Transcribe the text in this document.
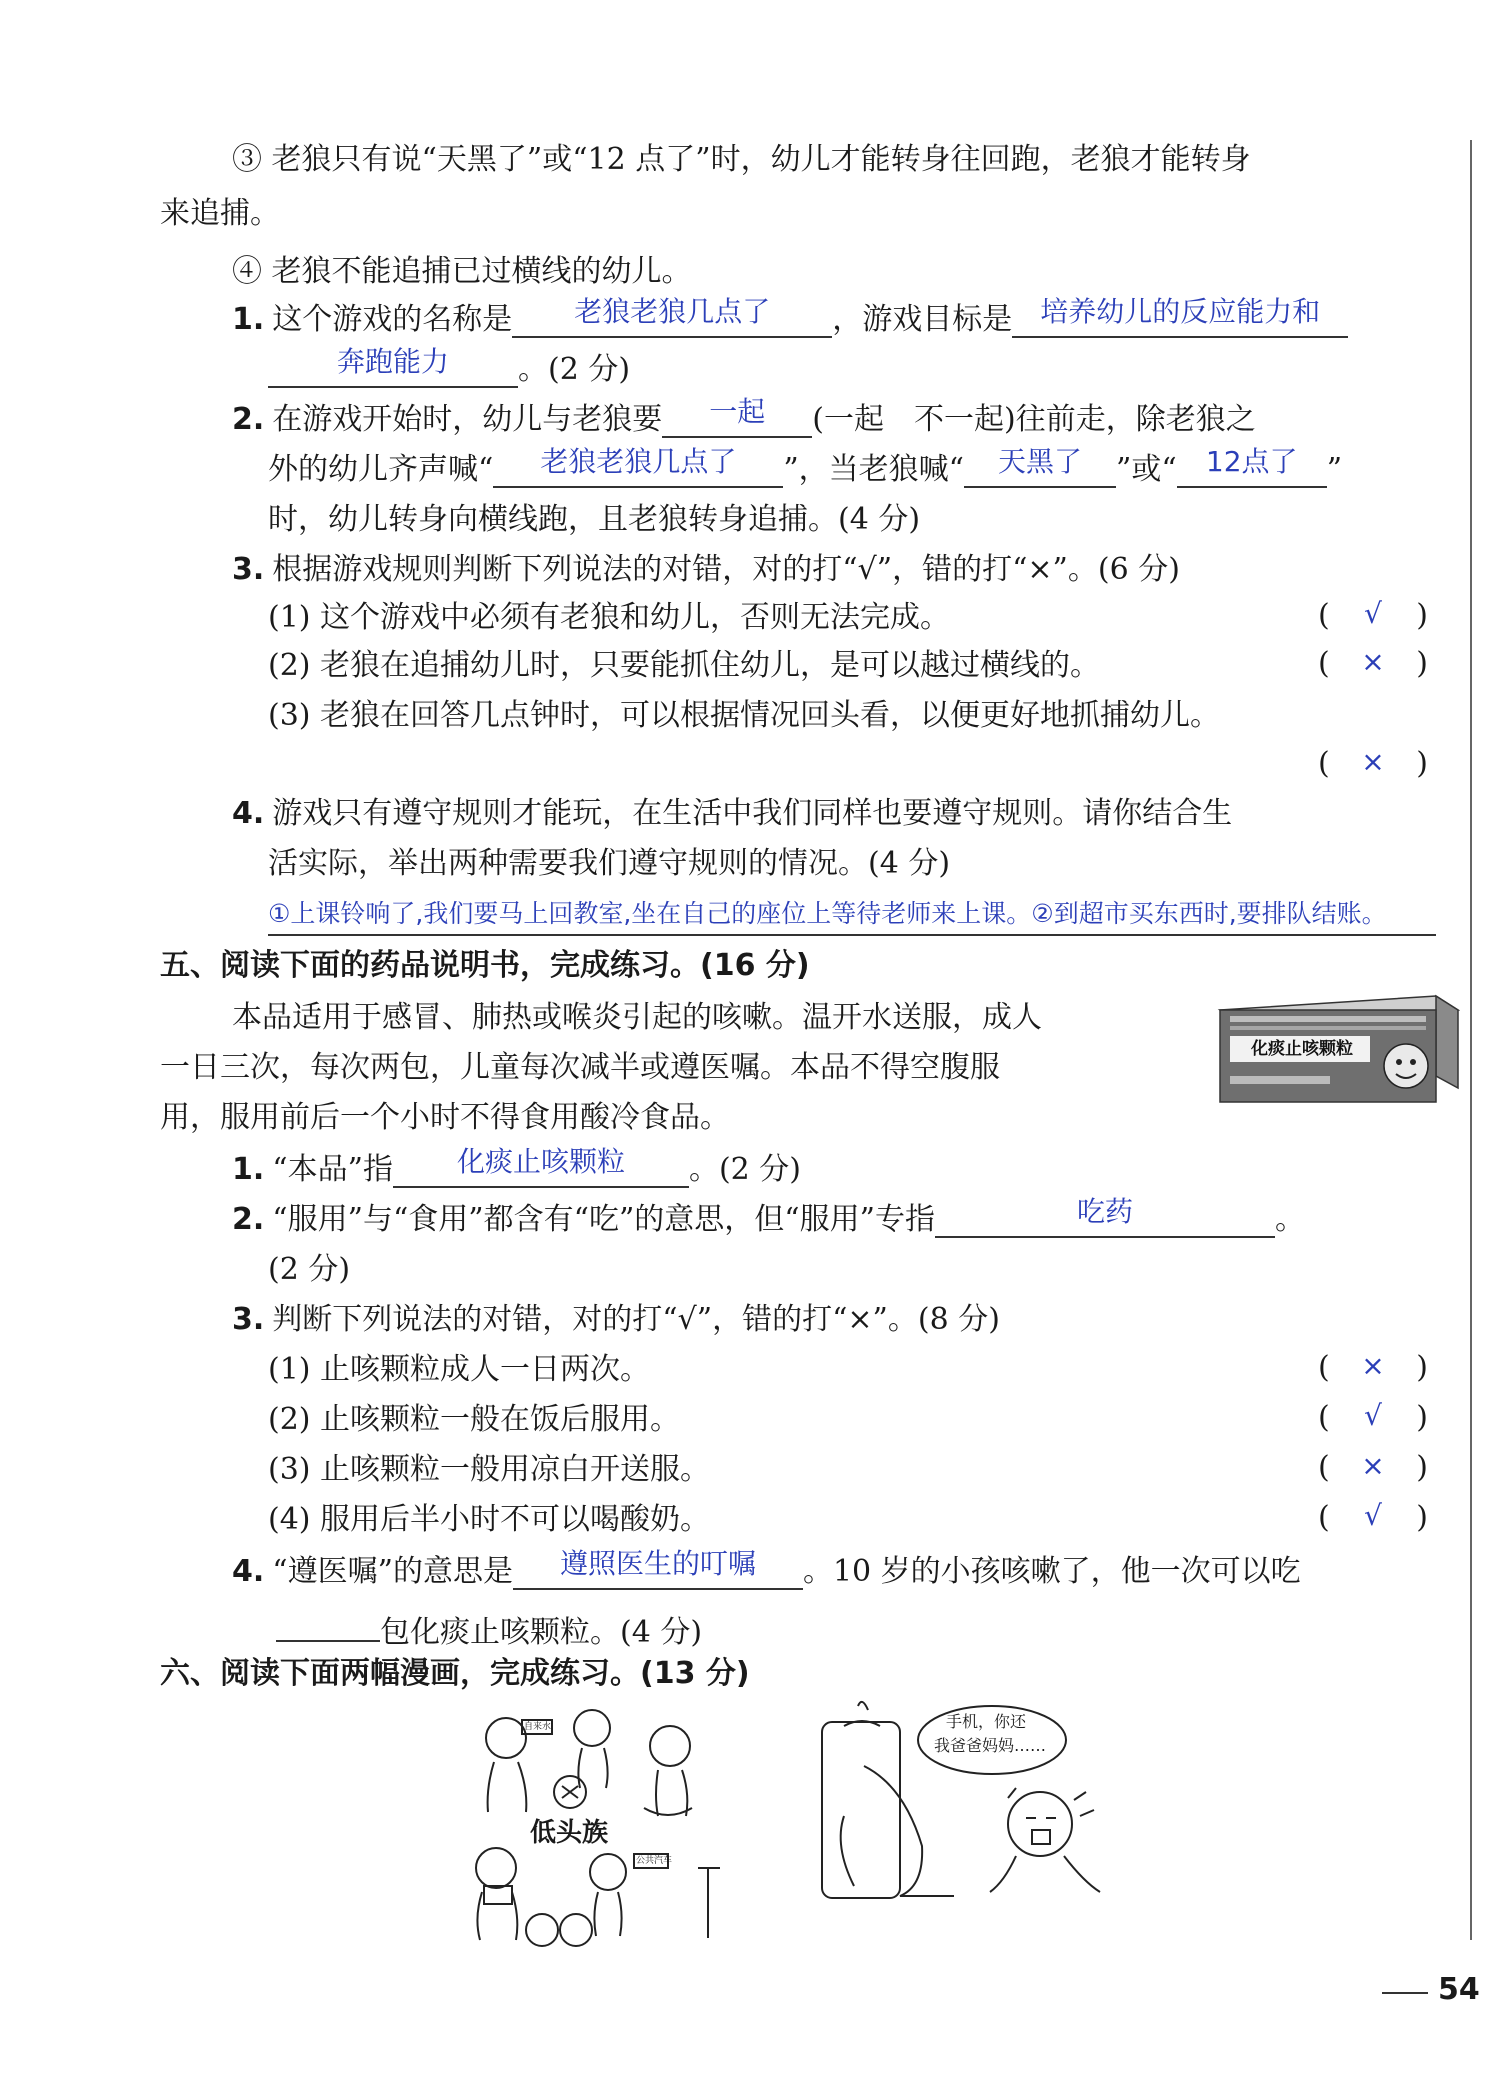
③ 老狼只有说“天黑了”或“12 点了”时，幼儿才能转身往回跑，老狼才能转身
来追捕。
④ 老狼不能追捕已过横线的幼儿。
1. 这个游戏的名称是 老狼老狼几点了 ，游戏目标是 培养幼儿的反应能力和
奔跑能力 。(2 分)
2. 在游戏开始时，幼儿与老狼要 一起 (一起　不一起)往前走，除老狼之
外的幼儿齐声喊“ 老狼老狼几点了 ”，当老狼喊“ 天黑了 ”或“ 12点了 ”
时，幼儿转身向横线跑，且老狼转身追捕。(4 分)
3. 根据游戏规则判断下列说法的对错，对的打“√”，错的打“×”。(6 分)
(1) 这个游戏中必须有老狼和幼儿，否则无法完成。	( √ )
(2) 老狼在追捕幼儿时，只要能抓住幼儿，是可以越过横线的。	( × )
(3) 老狼在回答几点钟时，可以根据情况回头看，以便更好地抓捕幼儿。
( × )
4. 游戏只有遵守规则才能玩，在生活中我们同样也要遵守规则。请你结合生
活实际，举出两种需要我们遵守规则的情况。(4 分)
①上课铃响了,我们要马上回教室,坐在自己的座位上等待老师来上课。②到超市买东西时,要排队结账。
五、阅读下面的药品说明书，完成练习。(16 分)
本品适用于感冒、肺热或喉炎引起的咳嗽。温开水送服，成人
一日三次，每次两包，儿童每次减半或遵医嘱。本品不得空腹服
用，服用前后一个小时不得食用酸冷食品。
化痰止咳颗粒
1. “本品”指 化痰止咳颗粒 。(2 分)
2. “服用”与“食用”都含有“吃”的意思，但“服用”专指	吃药	。
(2 分)
3. 判断下列说法的对错，对的打“√”，错的打“×”。(8 分)
(1) 止咳颗粒成人一日两次。	( × )
(2) 止咳颗粒一般在饭后服用。	( √ )
(3) 止咳颗粒一般用凉白开送服。	( × )
(4) 服用后半小时不可以喝酸奶。	( √ )
4. “遵医嘱”的意思是 遵照医生的叮嘱 。10 岁的小孩咳嗽了，他一次可以吃
包化痰止咳颗粒。(4 分)
六、阅读下面两幅漫画，完成练习。(13 分)
自来水
公共汽车
低头族
手机，你还
我爸爸妈妈……
54
